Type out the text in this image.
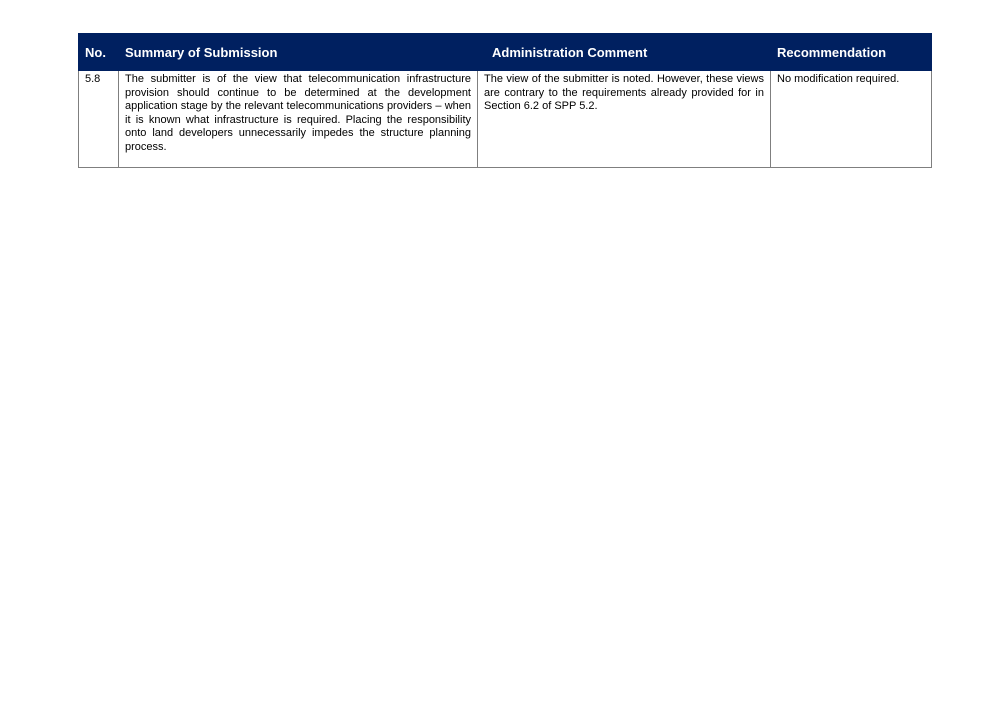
No.	Summary of Submission	Administration Comment	Recommendation
5.8	The submitter is of the view that telecommunication infrastructure provision should continue to be determined at the development application stage by the relevant telecommunications providers – when it is known what infrastructure is required. Placing the responsibility onto land developers unnecessarily impedes the structure planning process.	The view of the submitter is noted. However, these views are contrary to the requirements already provided for in Section 6.2 of SPP 5.2.	No modification required.
